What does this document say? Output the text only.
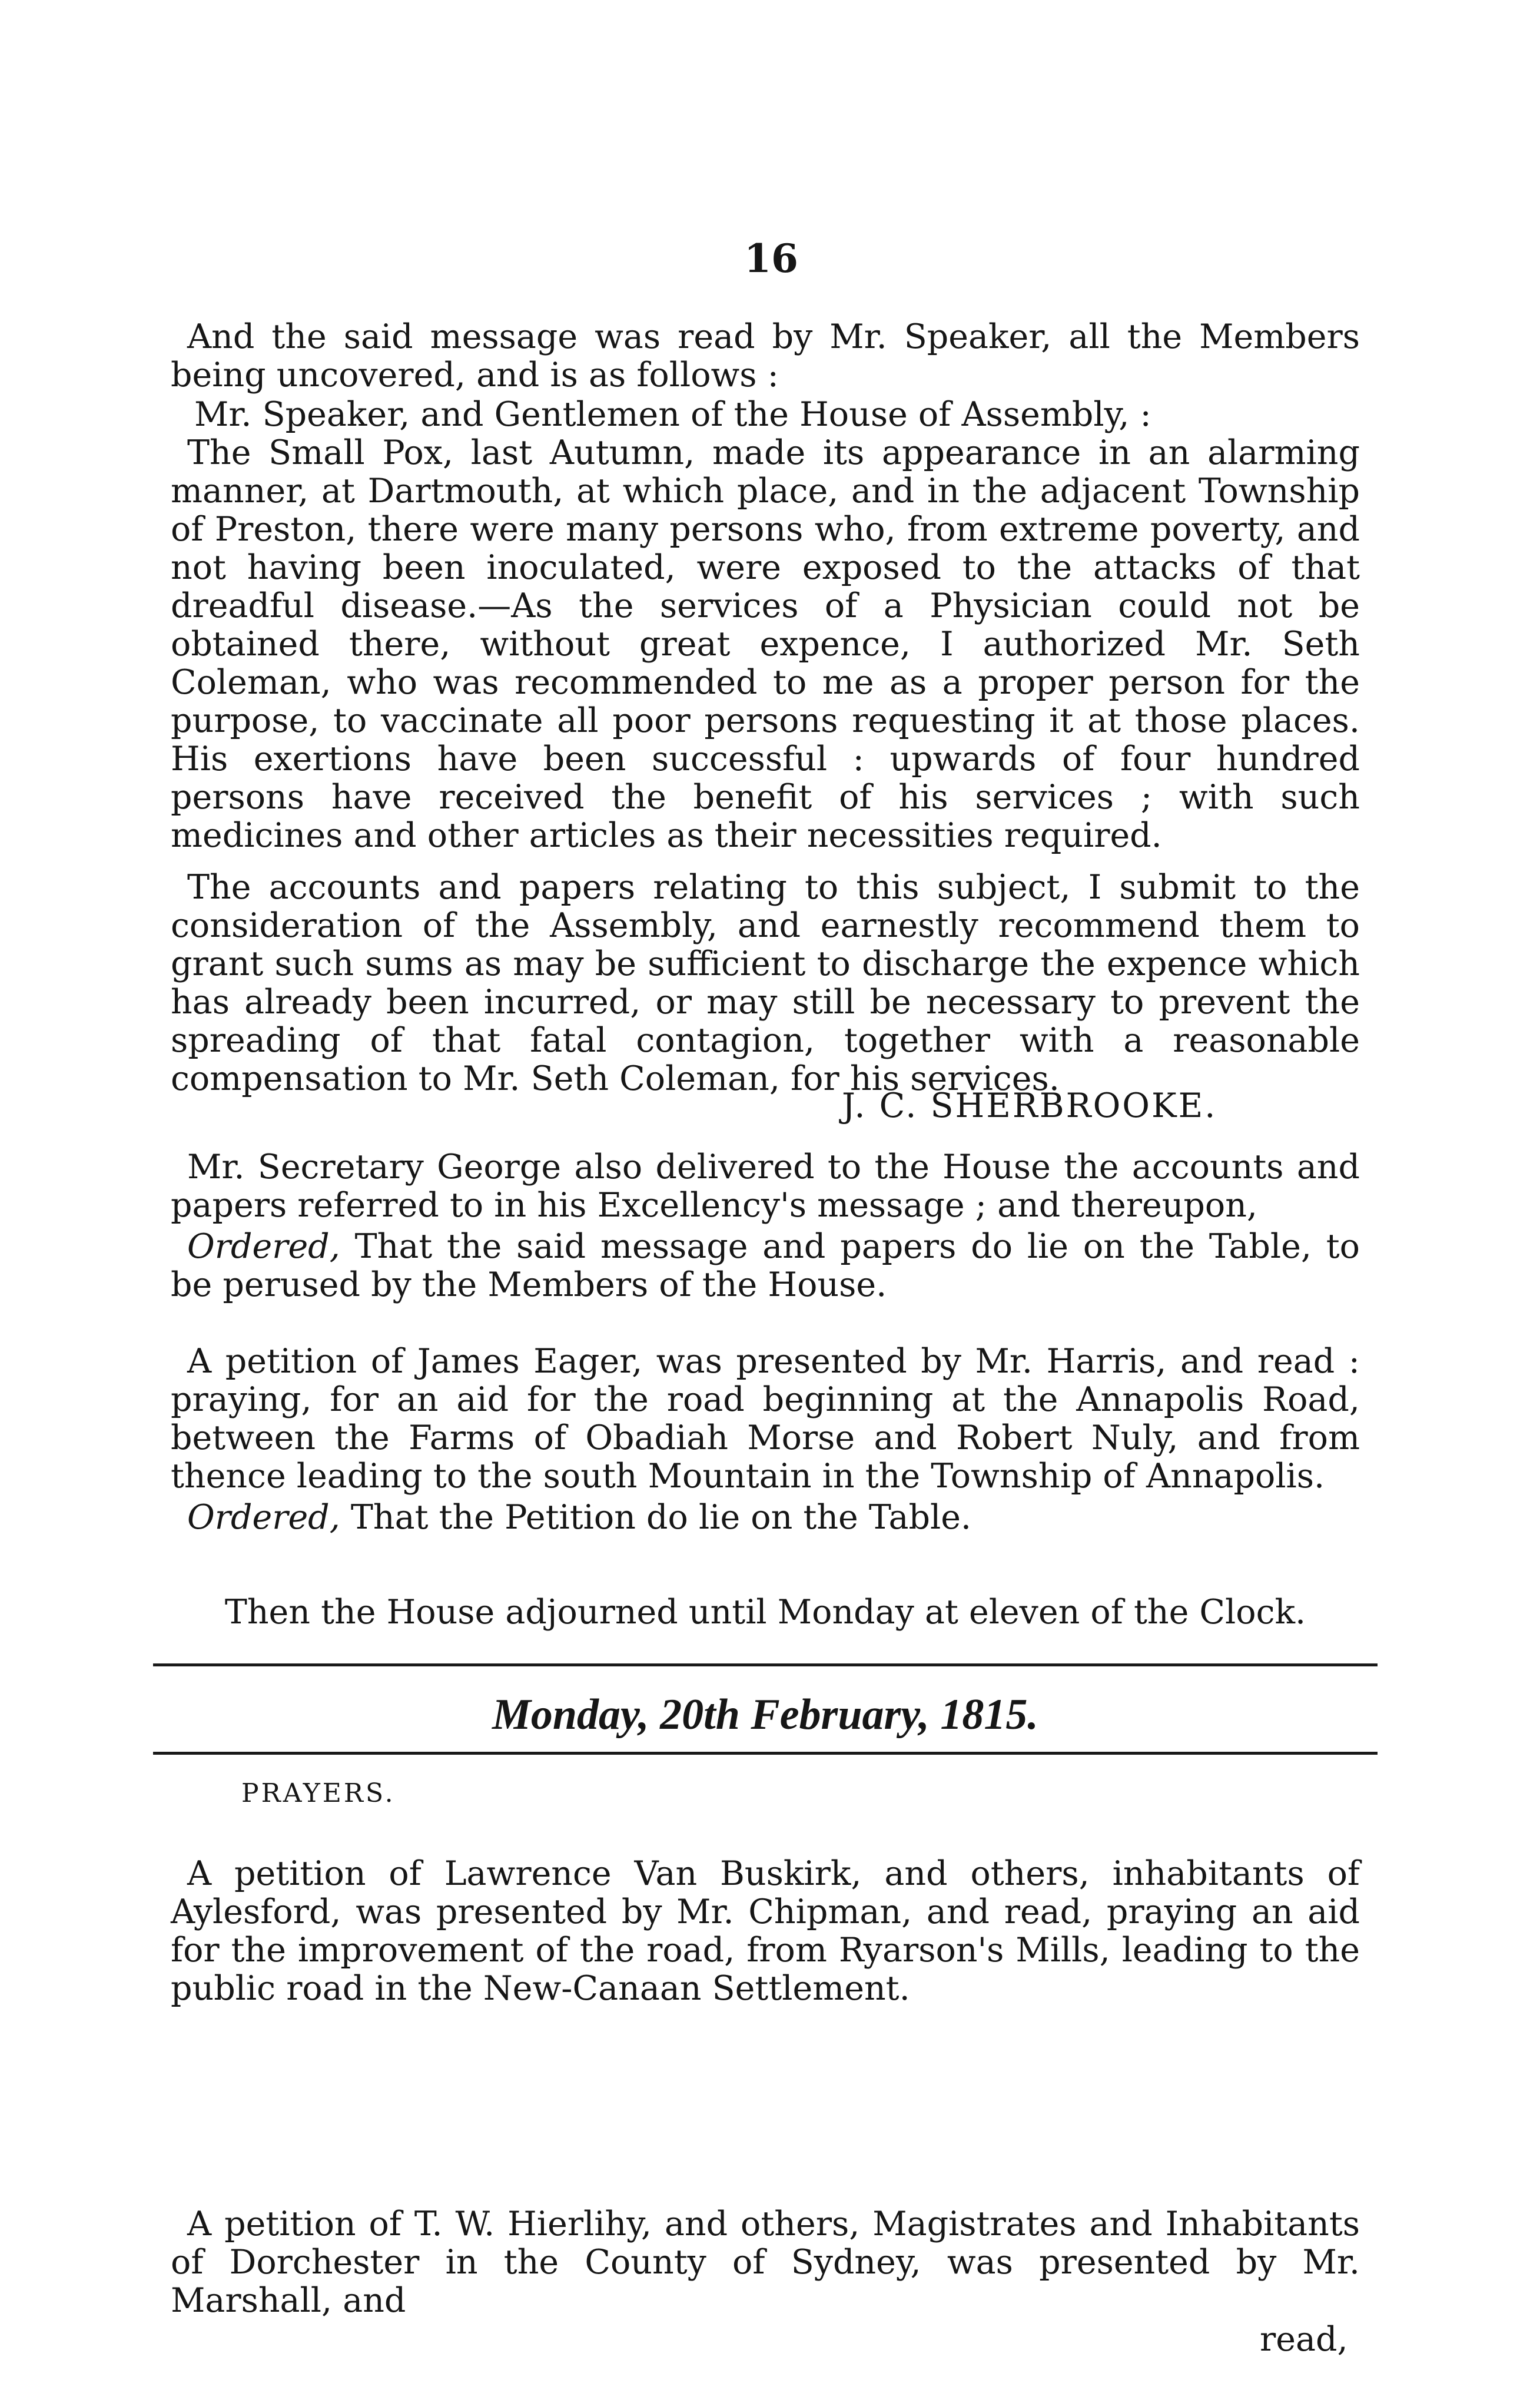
16

And the said message was read by Mr. Speaker, all the Members being uncovered, and is as follows :

Mr. Speaker, and Gentlemen of the House of Assembly, :

The Small Pox, last Autumn, made its appearance in an alarming manner, at Dartmouth, at which place, and in the adjacent Township of Preston, there were many persons who, from extreme poverty, and not having been inoculated, were exposed to the attacks of that dreadful disease.—As the services of a Physician could not be obtained there, without great expence, I authorized Mr. Seth Coleman, who was recommended to me as a proper person for the purpose, to vaccinate all poor persons requesting it at those places. His exertions have been successful : upwards of four hundred persons have received the benefit of his services ; with such medicines and other articles as their necessities required.

The accounts and papers relating to this subject, I submit to the consideration of the Assembly, and earnestly recommend them to grant such sums as may be sufficient to discharge the expence which has already been incurred, or may still be necessary to prevent the spreading of that fatal contagion, together with a reasonable compensation to Mr. Seth Coleman, for his services.

J. C. SHERBROOKE.

Mr. Secretary George also delivered to the House the accounts and papers referred to in his Excellency's message ; and thereupon,

Ordered, That the said message and papers do lie on the Table, to be perused by the Members of the House.

A petition of James Eager, was presented by Mr. Harris, and read : praying, for an aid for the road beginning at the Annapolis Road, between the Farms of Obadiah Morse and Robert Nuly, and from thence leading to the south Mountain in the Township of Annapolis.

Ordered, That the Petition do lie on the Table.

Then the House adjourned until Monday at eleven of the Clock.
Monday, 20th February, 1815.
PRAYERS.

A petition of Lawrence Van Buskirk, and others, inhabitants of Aylesford, was presented by Mr. Chipman, and read, praying an aid for the improvement of the road, from Ryarson's Mills, leading to the public road in the New-Canaan Settlement.

A petition of T. W. Hierlihy, and others, Magistrates and Inhabitants of Dorchester in the County of Sydney, was presented by Mr. Marshall, and

read,
